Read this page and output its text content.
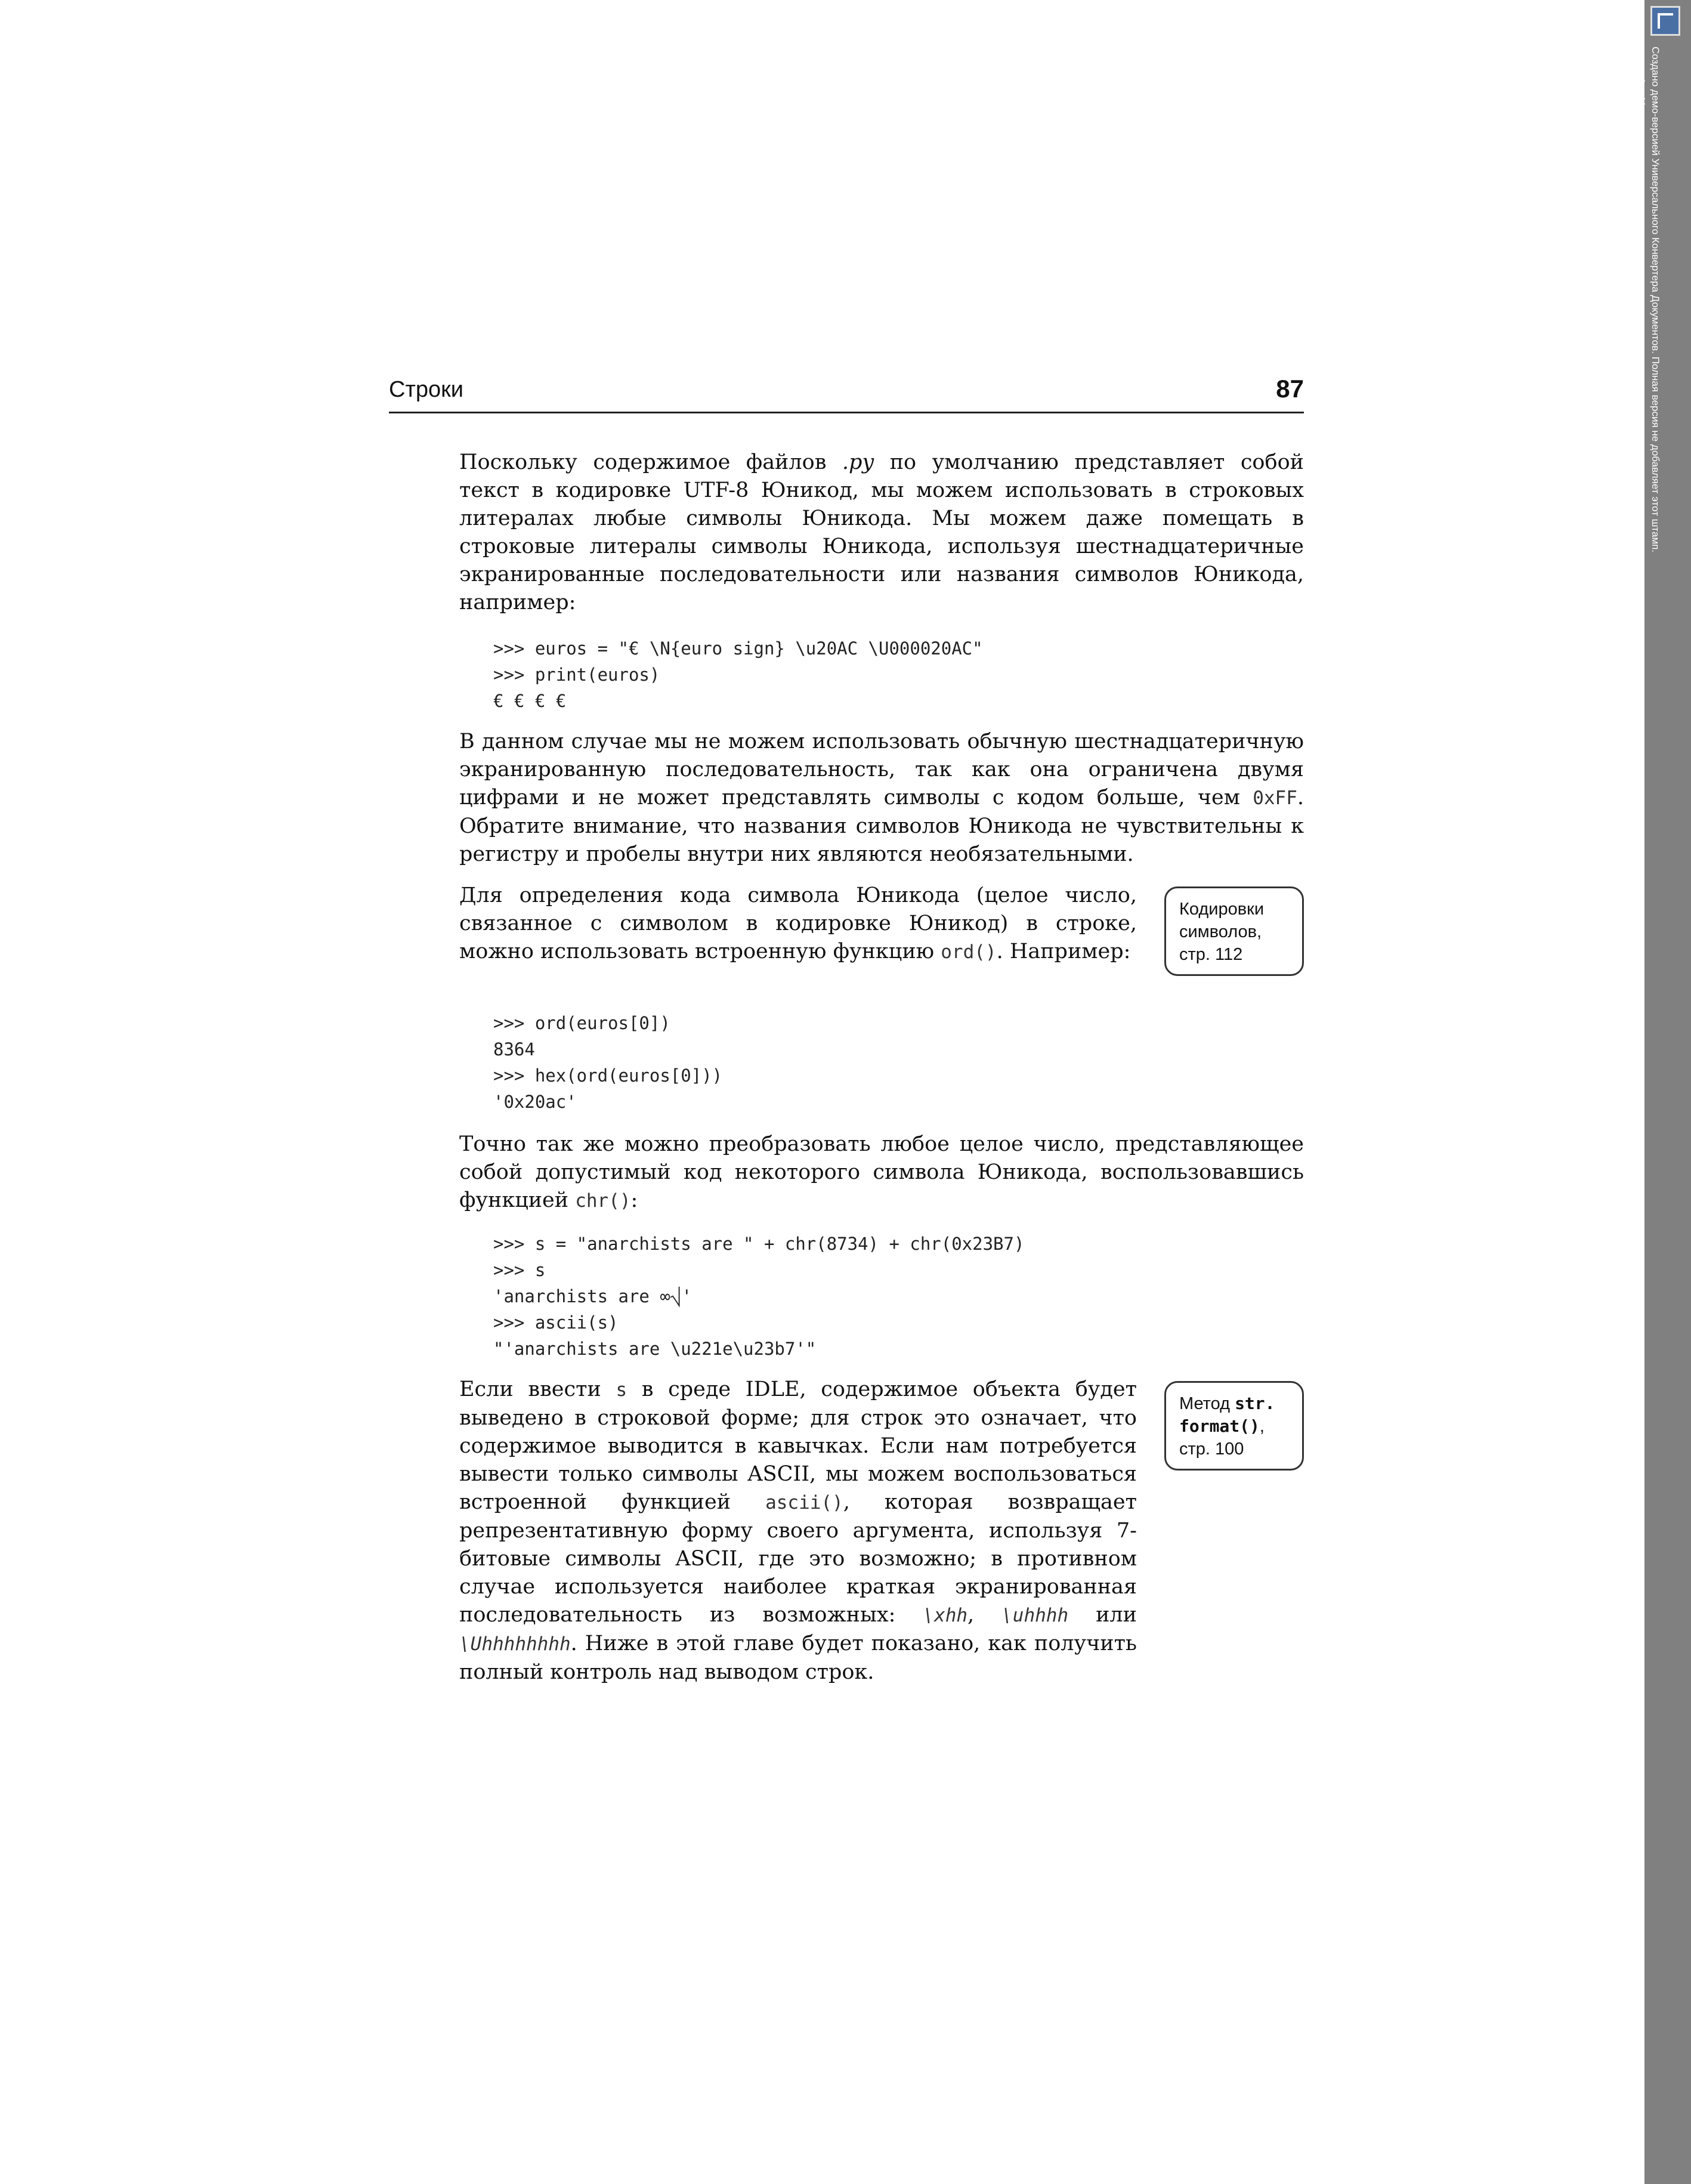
Строки	87

Поскольку содержимое файлов .py по умолчанию представляет собой текст в кодировке UTF-8 Юникод, мы можем использовать в строковых литералах любые символы Юникода. Мы можем даже помещать в строковые литералы символы Юникода, используя шестнадцатеричные экранированные последовательности или названия символов Юникода, например:

>>> euros = "€ \N{euro sign} \u20AC \U000020AC"
>>> print(euros)
€ € € €

В данном случае мы не можем использовать обычную шестнадцатеричную экранированную последовательность, так как она ограничена двумя цифрами и не может представлять символы с кодом больше, чем 0xFF. Обратите внимание, что названия символов Юникода не чувствительны к регистру и пробелы внутри них являются необязательными.

Для определения кода символа Юникода (целое число, связанное с символом в кодировке Юникод) в строке, можно использовать встроенную функцию ord(). Например:

Кодировки
символов,
стр. 112
>>> ord(euros[0])
8364
>>> hex(ord(euros[0]))
'0x20ac'

Точно так же можно преобразовать любое целое число, представляющее собой допустимый код некоторого символа Юникода, воспользовавшись функцией chr():

>>> s = "anarchists are " + chr(8734) + chr(0x23B7)
>>> s
'anarchists are ∞⎷'
>>> ascii(s)
"'anarchists are \u221e\u23b7'"

Если ввести s в среде IDLE, содержимое объекта будет выведено в строковой форме; для строк это означает, что содержимое выводится в кавычках. Если нам потребуется вывести только символы ASCII, мы можем воспользоваться встроенной функцией ascii(), которая возвращает репрезентативную форму своего аргумента, используя 7-битовые символы ASCII, где это возможно; в противном случае используется наиболее краткая экранированная последовательность из возможных: \xhh, \uhhhh или \Uhhhhhhhh. Ниже в этой главе будет показано, как получить полный контроль над выводом строк.

Метод str.
format(),
стр. 100
Создано демо-версией Универсального Конвертера Документов. Полная версия не добавляет этот штамп.
www.print-driver.ru
